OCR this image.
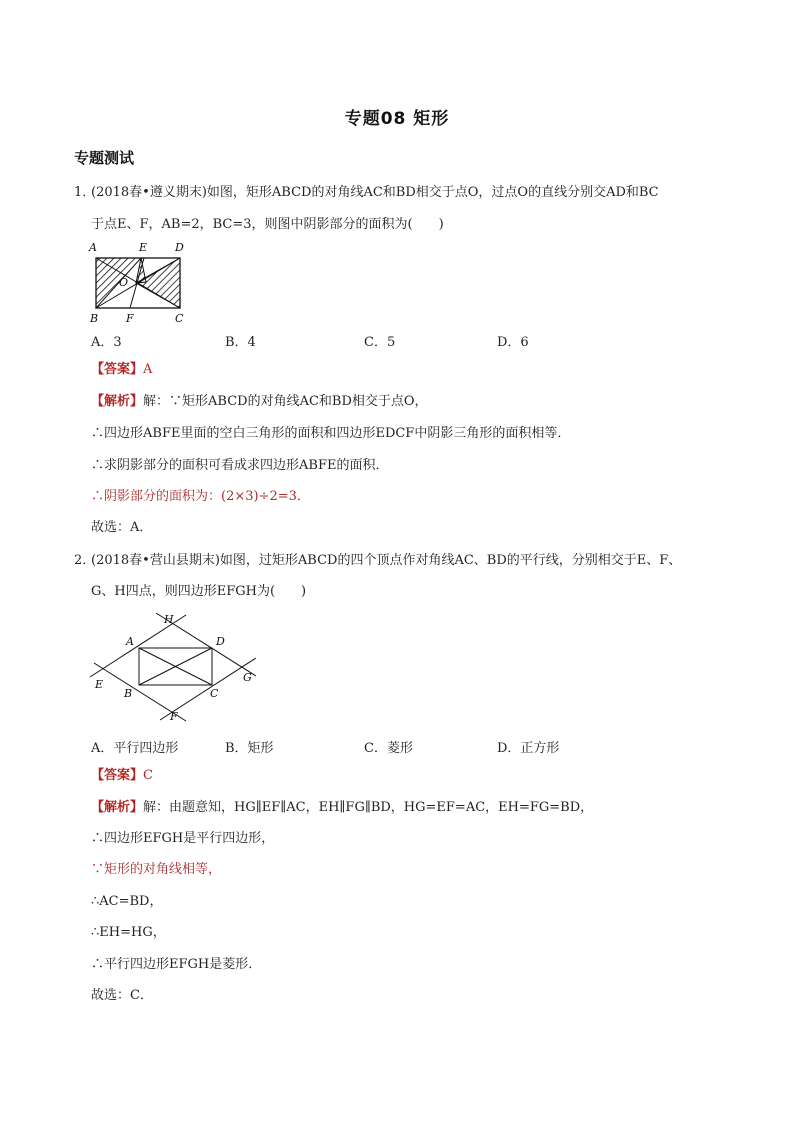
专题08 矩形
专题测试
1．
(2018春•遵义期末)如图，矩形ABCD的对角线AC和BD相交于点O，过点O的直线分别交AD和BC
于点E、F，AB=2，BC=3，则图中阴影部分的面积为(　　)
A	E	D
O
B	F	C
A．3	B．4	C．5	D．6
【答案】A
【解析】解：∵矩形ABCD的对角线AC和BD相交于点O，
∴四边形ABFE里面的空白三角形的面积和四边形EDCF中阴影三角形的面积相等．
∴求阴影部分的面积可看成求四边形ABFE的面积．
∴阴影部分的面积为：(2×3)÷2=3．
故选：A．
2．
(2018春•营山县期末)如图，过矩形ABCD的四个顶点作对角线AC、BD的平行线，分别相交于E、F、
G、H四点，则四边形EFGH为(　　)
H
A	D
E
B	C
G
F
A．平行四边形	B．矩形	C．菱形	D．正方形
【答案】C
【解析】解：由题意知，HG∥EF∥AC，EH∥FG∥BD，HG=EF=AC，EH=FG=BD，
∴四边形EFGH是平行四边形，
∵矩形的对角线相等，
∴AC=BD，
∴EH=HG，
∴平行四边形EFGH是菱形．
故选：C．
